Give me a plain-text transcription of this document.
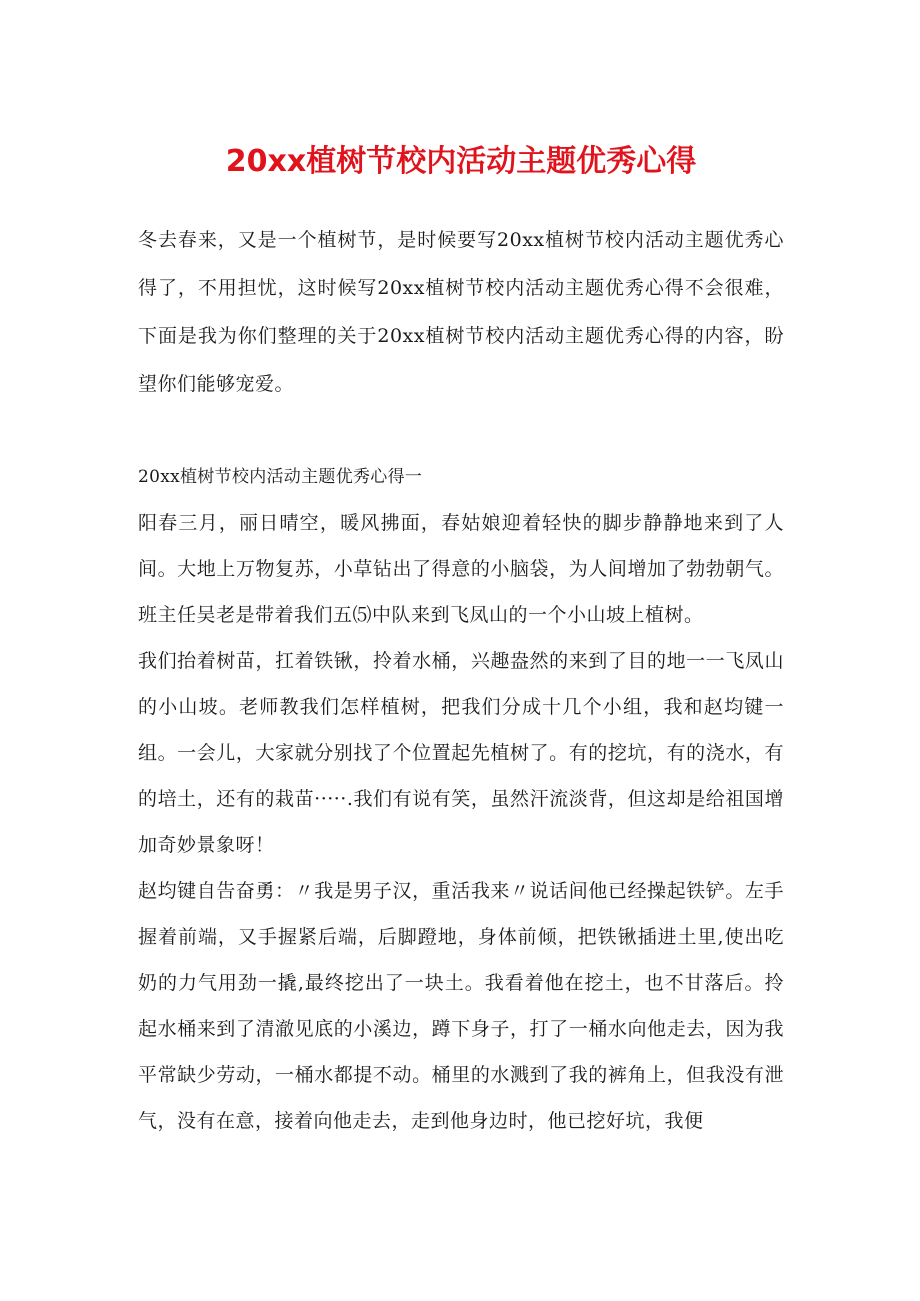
20xx植树节校内活动主题优秀心得

冬去春来，又是一个植树节，是时候要写20xx植树节校内活动主题优秀心得了，不用担忧，这时候写20xx植树节校内活动主题优秀心得不会很难，下面是我为你们整理的关于20xx植树节校内活动主题优秀心得的内容，盼望你们能够宠爱。

20xx植树节校内活动主题优秀心得一

阳春三月，丽日晴空，暖风拂面，春姑娘迎着轻快的脚步静静地来到了人间。大地上万物复苏，小草钻出了得意的小脑袋，为人间增加了勃勃朝气。班主任吴老是带着我们五⑸中队来到飞凤山的一个小山坡上植树。

我们抬着树苗，扛着铁锹，拎着水桶，兴趣盎然的来到了目的地一一飞凤山的小山坡。老师教我们怎样植树，把我们分成十几个小组，我和赵均键一组。一会儿，大家就分别找了个位置起先植树了。有的挖坑，有的浇水，有的培土，还有的栽苗·····.我们有说有笑，虽然汗流淡背，但这却是给祖国增加奇妙景象呀！

赵均键自告奋勇：〃我是男子汉，重活我来〃说话间他已经操起铁铲。左手握着前端，又手握紧后端，后脚蹬地，身体前倾，把铁锹插进土里,使出吃奶的力气用劲一撬,最终挖出了一块土。我看着他在挖土，也不甘落后。拎起水桶来到了清澈见底的小溪边，蹲下身子，打了一桶水向他走去，因为我平常缺少劳动，一桶水都提不动。桶里的水溅到了我的裤角上，但我没有泄气，没有在意，接着向他走去，走到他身边时，他已挖好坑，我便
